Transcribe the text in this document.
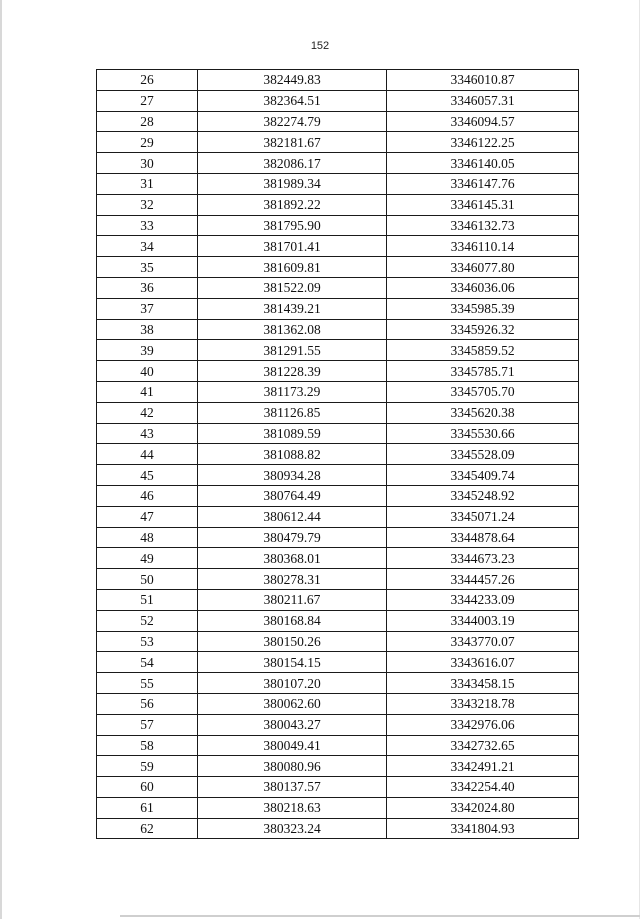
152
26	382449.83	3346010.87
27	382364.51	3346057.31
28	382274.79	3346094.57
29	382181.67	3346122.25
30	382086.17	3346140.05
31	381989.34	3346147.76
32	381892.22	3346145.31
33	381795.90	3346132.73
34	381701.41	3346110.14
35	381609.81	3346077.80
36	381522.09	3346036.06
37	381439.21	3345985.39
38	381362.08	3345926.32
39	381291.55	3345859.52
40	381228.39	3345785.71
41	381173.29	3345705.70
42	381126.85	3345620.38
43	381089.59	3345530.66
44	381088.82	3345528.09
45	380934.28	3345409.74
46	380764.49	3345248.92
47	380612.44	3345071.24
48	380479.79	3344878.64
49	380368.01	3344673.23
50	380278.31	3344457.26
51	380211.67	3344233.09
52	380168.84	3344003.19
53	380150.26	3343770.07
54	380154.15	3343616.07
55	380107.20	3343458.15
56	380062.60	3343218.78
57	380043.27	3342976.06
58	380049.41	3342732.65
59	380080.96	3342491.21
60	380137.57	3342254.40
61	380218.63	3342024.80
62	380323.24	3341804.93
